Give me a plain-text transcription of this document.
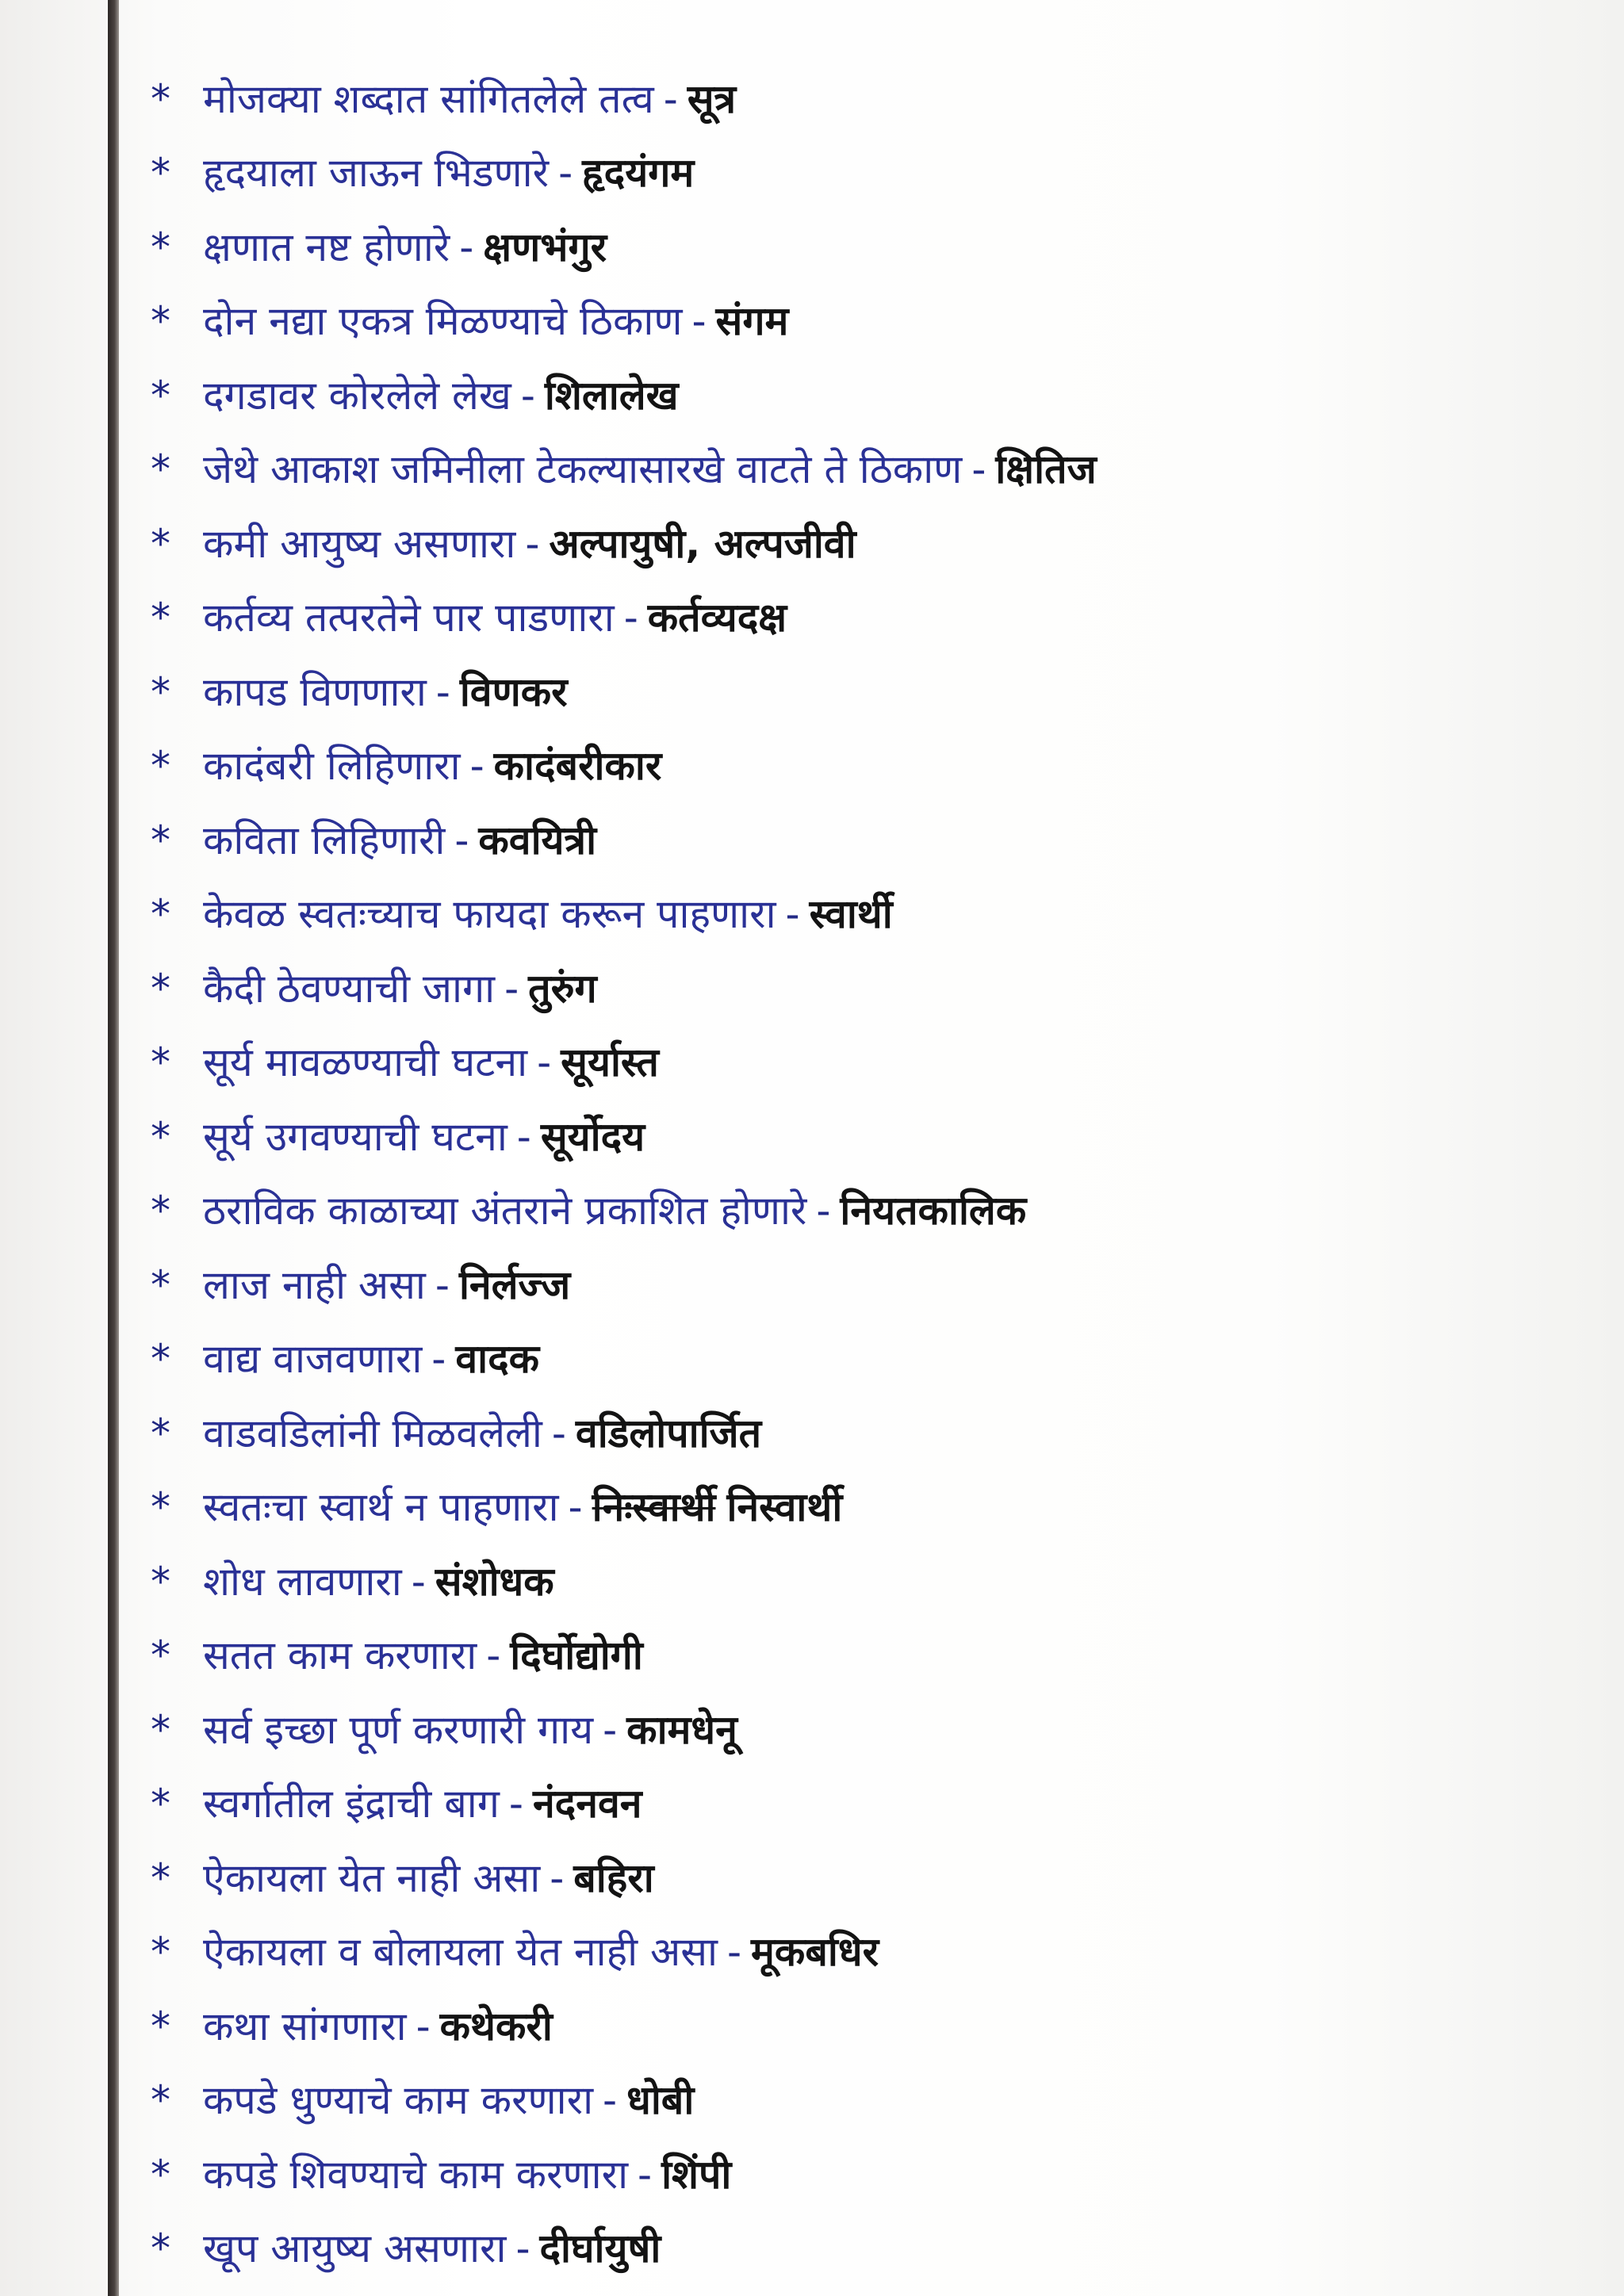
* मोजक्या शब्दात सांगितलेले तत्व - सूत्र
* हृदयाला जाऊन भिडणारे - हृदयंगम
* क्षणात नष्ट होणारे - क्षणभंगुर
* दोन नद्या एकत्र मिळण्याचे ठिकाण - संगम
* दगडावर कोरलेले लेख - शिलालेख
* जेथे आकाश जमिनीला टेकल्यासारखे वाटते ते ठिकाण - क्षितिज
* कमी आयुष्य असणारा - अल्पायुषी, अल्पजीवी
* कर्तव्य तत्परतेने पार पाडणारा - कर्तव्यदक्ष
* कापड विणणारा - विणकर
* कादंबरी लिहिणारा - कादंबरीकार
* कविता लिहिणारी - कवयित्री
* केवळ स्वतःच्याच फायदा करून पाहणारा - स्वार्थी
* कैदी ठेवण्याची जागा - तुरुंग
* सूर्य मावळण्याची घटना - सूर्यास्त
* सूर्य उगवण्याची घटना - सूर्योदय
* ठराविक काळाच्या अंतराने प्रकाशित होणारे - नियतकालिक
* लाज नाही असा - निर्लज्ज
* वाद्य वाजवणारा - वादक
* वाडवडिलांनी मिळवलेली - वडिलोपार्जित
* स्वतःचा स्वार्थ न पाहणारा - निःस्वार्थी निस्वार्थी
* शोध लावणारा - संशोधक
* सतत काम करणारा - दिर्घोद्योगी
* सर्व इच्छा पूर्ण करणारी गाय - कामधेनू
* स्वर्गातील इंद्राची बाग - नंदनवन
* ऐकायला येत नाही असा - बहिरा
* ऐकायला व बोलायला येत नाही असा - मूकबधिर
* कथा सांगणारा - कथेकरी
* कपडे धुण्याचे काम करणारा - धोबी
* कपडे शिवण्याचे काम करणारा - शिंपी
* खूप आयुष्य असणारा - दीर्घायुषी
